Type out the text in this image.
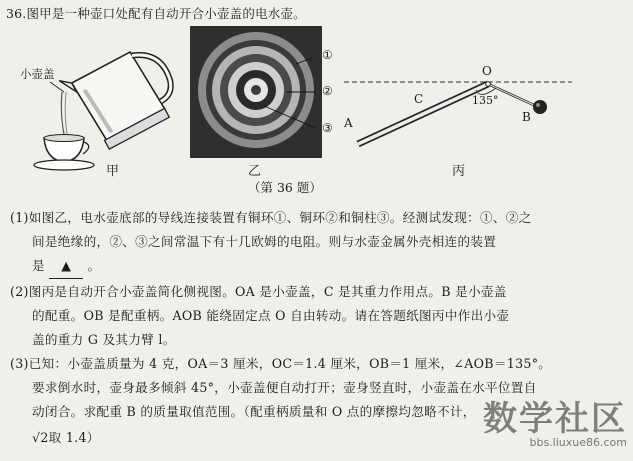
36.图甲是一种壶口处配有自动开合小壶盖的电水壶。
小壶盖
甲
①
②
③
乙
A
C
O
B
135°
丙
（第 36 题）
(1)如图乙，电水壶底部的导线连接装置有铜环①、铜环②和铜柱③。经测试发现：①、②之
间是绝缘的，②、③之间常温下有十几欧姆的电阻。则与水壶金属外壳相连的装置
是 ▲ 。
(2)图丙是自动开合小壶盖简化侧视图。OA 是小壶盖，C 是其重力作用点。B 是小壶盖
的配重。OB 是配重柄。AOB 能绕固定点 O 自由转动。请在答题纸图丙中作出小壶
盖的重力 G 及其力臂 l。
(3)已知：小壶盖质量为 4 克，OA＝3 厘米，OC＝1.4 厘米，OB＝1 厘米，∠AOB＝135°。
要求倒水时，壶身最多倾斜 45°，小壶盖便自动打开；壶身竖直时，小壶盖在水平位置自
动闭合。求配重 B 的质量取值范围。（配重柄质量和 O 点的摩擦均忽略不计，
√2取 1.4）	数学社区
bbs.liuxue86.com
